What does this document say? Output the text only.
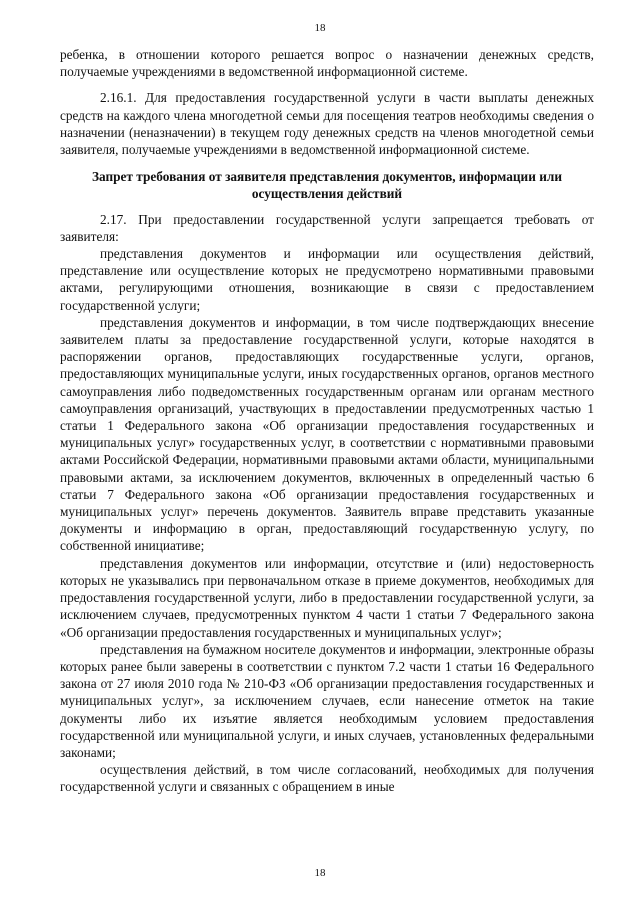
18

ребенка, в отношении которого решается вопрос о назначении денежных средств, получаемые учреждениями в ведомственной информационной системе.

2.16.1. Для предоставления государственной услуги в части выплаты денежных средств на каждого члена многодетной семьи для посещения театров необходимы сведения о назначении (неназначении) в текущем году денежных средств на членов многодетной семьи заявителя, получаемые учреждениями в ведомственной информационной системе.

Запрет требования от заявителя представления документов, информации или осуществления действий

2.17. При предоставлении государственной услуги запрещается требовать от заявителя:

представления документов и информации или осуществления действий, представление или осуществление которых не предусмотрено нормативными правовыми актами, регулирующими отношения, возникающие в связи с предоставлением государственной услуги;

представления документов и информации, в том числе подтверждающих внесение заявителем платы за предоставление государственной услуги, которые находятся в распоряжении органов, предоставляющих государственные услуги, органов, предоставляющих муниципальные услуги, иных государственных органов, органов местного самоуправления либо подведомственных государственным органам или органам местного самоуправления организаций, участвующих в предоставлении предусмотренных частью 1 статьи 1 Федерального закона «Об организации предоставления государственных и муниципальных услуг» государственных услуг, в соответствии с нормативными правовыми актами Российской Федерации, нормативными правовыми актами области, муниципальными правовыми актами, за исключением документов, включенных в определенный частью 6 статьи 7 Федерального закона «Об организации предоставления государственных и муниципальных услуг» перечень документов. Заявитель вправе представить указанные документы и информацию в орган, предоставляющий государственную услугу, по собственной инициативе;

представления документов или информации, отсутствие и (или) недостоверность которых не указывались при первоначальном отказе в приеме документов, необходимых для предоставления государственной услуги, либо в предоставлении государственной услуги, за исключением случаев, предусмотренных пунктом 4 части 1 статьи 7 Федерального закона «Об организации предоставления государственных и муниципальных услуг»;

представления на бумажном носителе документов и информации, электронные образы которых ранее были заверены в соответствии с пунктом 7.2 части 1 статьи 16 Федерального закона от 27 июля 2010 года № 210-ФЗ «Об организации предоставления государственных и муниципальных услуг», за исключением случаев, если нанесение отметок на такие документы либо их изъятие является необходимым условием предоставления государственной или муниципальной услуги, и иных случаев, установленных федеральными законами;

осуществления действий, в том числе согласований, необходимых для получения государственной услуги и связанных с обращением в иные

18
